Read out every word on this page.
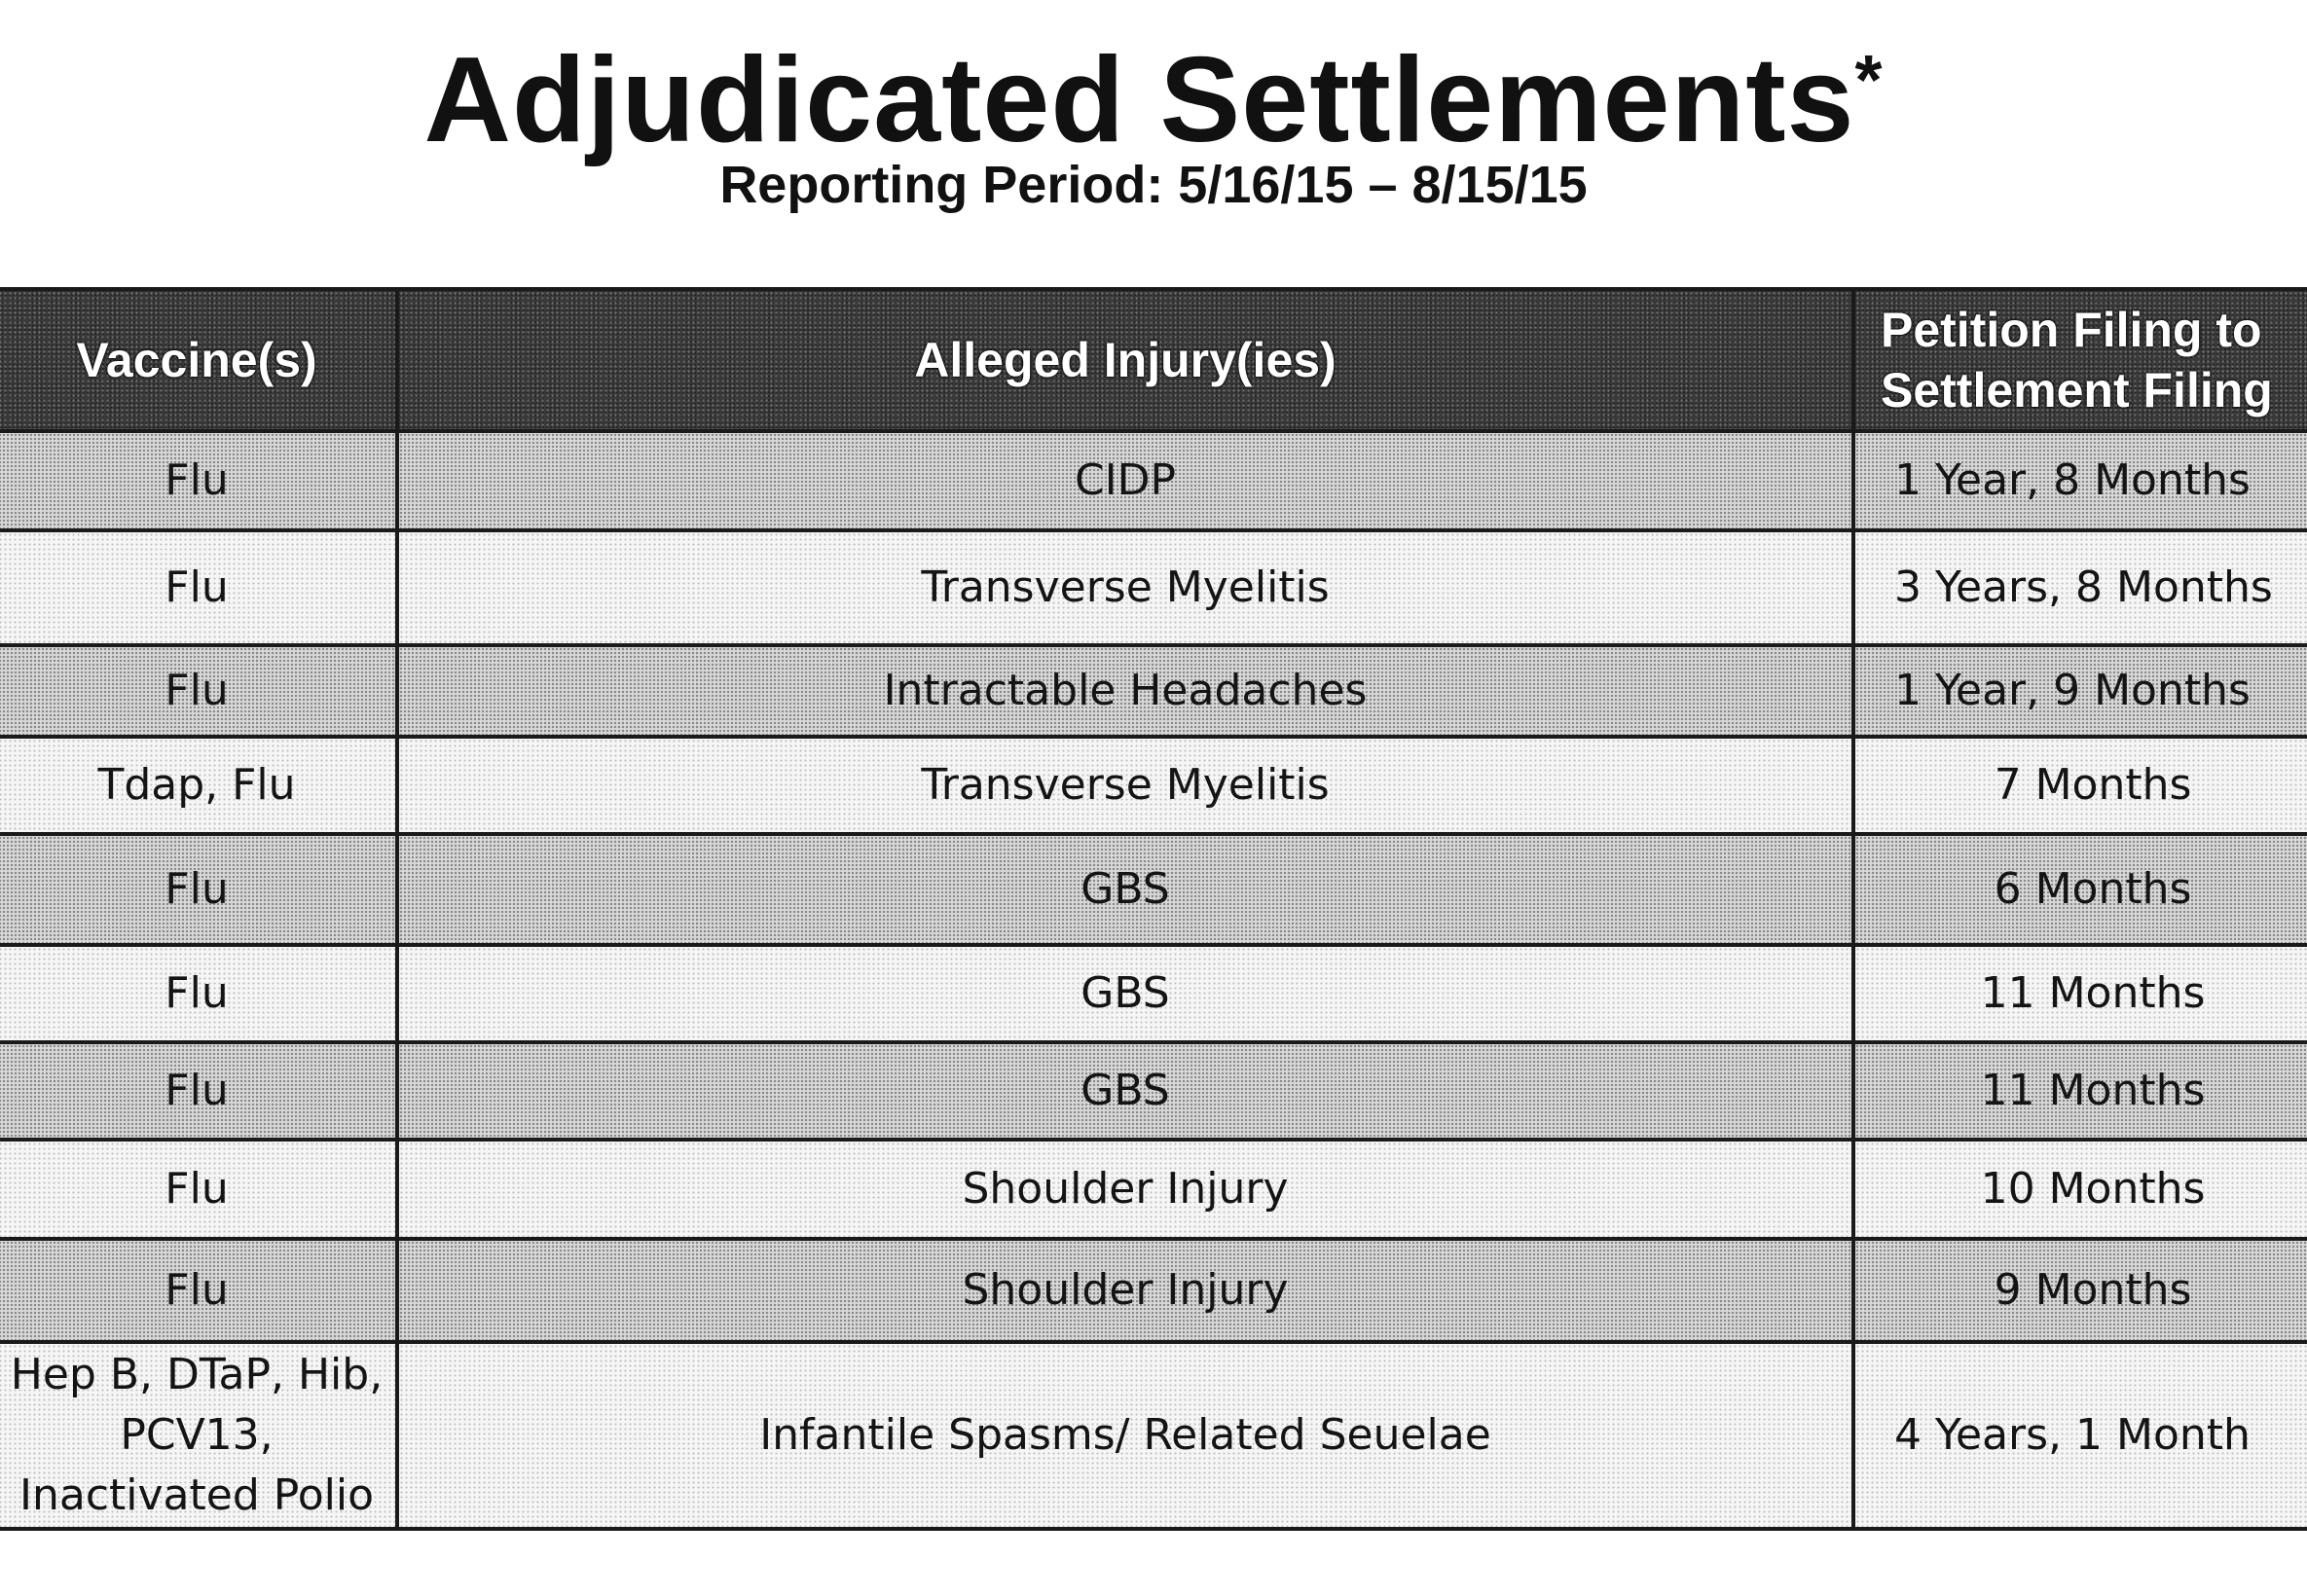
Adjudicated Settlements*
Reporting Period: 5/16/15 – 8/15/15
Vaccine(s)	Alleged Injury(ies)	Petition Filing to Settlement Filing
Flu	CIDP	1 Year, 8 Months
Flu	Transverse Myelitis	3 Years, 8 Months
Flu	Intractable Headaches	1 Year, 9 Months
Tdap, Flu	Transverse Myelitis	7 Months
Flu	GBS	6 Months
Flu	GBS	11 Months
Flu	GBS	11 Months
Flu	Shoulder Injury	10 Months
Flu	Shoulder Injury	9 Months
Hep B, DTaP, Hib, PCV13, Inactivated Polio	Infantile Spasms/ Related Seuelae	4 Years, 1 Month
